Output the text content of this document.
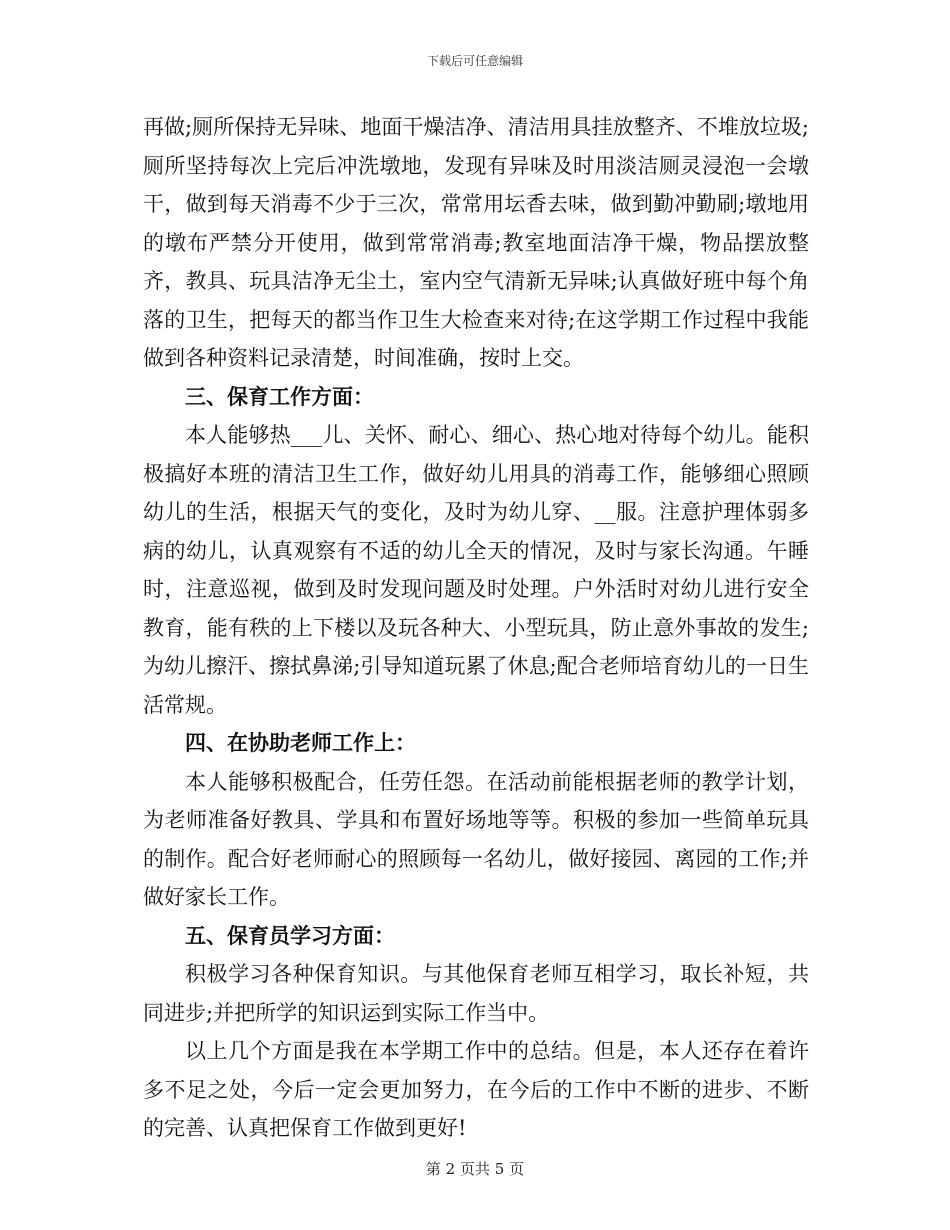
下载后可任意编辑

再做;厕所保持无异味、地面干燥洁净、清洁用具挂放整齐、不堆放垃圾;厕所坚持每次上完后冲洗墩地，发现有异味及时用淡洁厕灵浸泡一会墩干，做到每天消毒不少于三次，常常用坛香去味，做到勤冲勤刷;墩地用的墩布严禁分开使用，做到常常消毒;教室地面洁净干燥，物品摆放整齐，教具、玩具洁净无尘土，室内空气清新无异味;认真做好班中每个角落的卫生，把每天的都当作卫生大检查来对待;在这学期工作过程中我能做到各种资料记录清楚，时间准确，按时上交。

三、保育工作方面：

本人能够热___儿、关怀、耐心、细心、热心地对待每个幼儿。能积极搞好本班的清洁卫生工作，做好幼儿用具的消毒工作，能够细心照顾幼儿的生活，根据天气的变化，及时为幼儿穿、__服。注意护理体弱多病的幼儿，认真观察有不适的幼儿全天的情况，及时与家长沟通。午睡时，注意巡视，做到及时发现问题及时处理。户外活时对幼儿进行安全教育，能有秩的上下楼以及玩各种大、小型玩具，防止意外事故的发生;为幼儿擦汗、擦拭鼻涕;引导知道玩累了休息;配合老师培育幼儿的一日生活常规。

四、在协助老师工作上：

本人能够积极配合，任劳任怨。在活动前能根据老师的教学计划，为老师准备好教具、学具和布置好场地等等。积极的参加一些简单玩具的制作。配合好老师耐心的照顾每一名幼儿，做好接园、离园的工作;并做好家长工作。

五、保育员学习方面：

积极学习各种保育知识。与其他保育老师互相学习，取长补短，共同进步;并把所学的知识运到实际工作当中。

以上几个方面是我在本学期工作中的总结。但是，本人还存在着许多不足之处，今后一定会更加努力，在今后的工作中不断的进步、不断的完善、认真把保育工作做到更好!

第 2 页共 5 页
